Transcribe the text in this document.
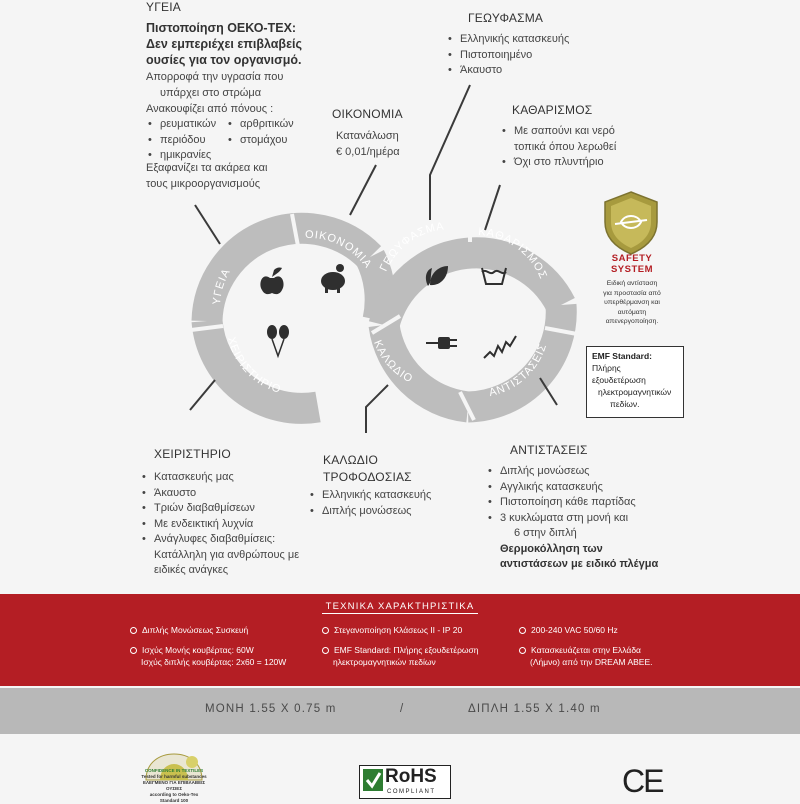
ΥΓΕΙΑ
Πιστοποίηση ΟΕΚΟ-ΤΕΧ:
Δεν εμπεριέχει επιβλαβείς
ουσίες για τον οργανισμό.
Απορροφά την υγρασία που
υπάρχει στο στρώμα
Ανακουφίζει από πόνους :
• ρευματικών	• αρθριτικών
• περιόδου	• στομάχου
• ημικρανίες
Εξαφανίζει τα ακάρεα και
τους μικροοργανισμούς
ΟΙΚΟΝΟΜΙΑ
Κατανάλωση
€ 0,01/ημέρα
ΓΕΩΥΦΑΣΜΑ
• Ελληνικής κατασκευής
• Πιστοποιημένο
• Άκαυστο
ΚΑΘΑΡΙΣΜΟΣ
• Με σαπούνι και νερό
τοπικά όπου λερωθεί
• Όχι στο πλυντήριο
SAFETY
SYSTEM
Ειδική αντίσταση
για προστασία από
υπερθέρμανση και
αυτόματη
απενεργοποίηση.
EMF Standard:
Πλήρης
εξουδετέρωση
ηλεκτρομαγνητικών
πεδίων.
ΥΓΕΙΑ
ΟΙΚΟΝΟΜΙΑ ΓΕΩΥΦΑΣΜΑ	ΚΑΘΑΡΙΣΜΟΣ
ΧΕΙΡΙΣΤΗΡΙΟ
ΚΑΛΩΔΙΟ
ΑΝΤΙΣΤΑΣΕΙΣ
ΧΕΙΡΙΣΤΗΡΙΟ
• Κατασκευής μας
• Άκαυστο
• Τριών διαβαθμίσεων
• Με ενδεικτική λυχνία
• Ανάγλυφες διαβαθμίσεις:
Κατάλληλη για ανθρώπους με
ειδικές ανάγκες
ΚΑΛΩΔΙΟ
ΤΡΟΦΟΔΟΣΙΑΣ
• Ελληνικής κατασκευής
• Διπλής μονώσεως
ΑΝΤΙΣΤΑΣΕΙΣ
• Διπλής μονώσεως
• Αγγλικής κατασκευής
• Πιστοποίηση κάθε παρτίδας
• 3 κυκλώματα στη μονή και
6 στην διπλή
Θερμοκόλληση των
αντιστάσεων με ειδικό πλέγμα
ΤΕΧΝΙΚΑ ΧΑΡΑΚΤΗΡΙΣΤΙΚΑ
Διπλής Μονώσεως Συσκευή
Ισχύς Μονής κουβέρτας: 60W
Ισχύς διπλής κουβέρτας: 2x60 = 120W
Στεγανοποίηση Κλάσεως II - IP 20
EMF Standard: Πλήρης εξουδετέρωση
ηλεκτρομαγνητικών πεδίων
200-240 VAC 50/60 Hz
Κατασκευάζεται στην Ελλάδα
(Λήμνο) από την DREAM ABEE.
ΜΟΝΗ 1.55 Χ 0.75 m	/	ΔΙΠΛΗ 1.55 Χ 1.40 m
CONFIDENCE IN TEXTILES
Tested for harmful substances
ΕΛΕΓΜΕΝΟ ΓΙΑ ΕΠΙΒΛΑΒΕΙΣ ΟΥΣΙΕΣ
according to Oeko-Tex Standard 100
RoHS
COMPLIANT	CE
